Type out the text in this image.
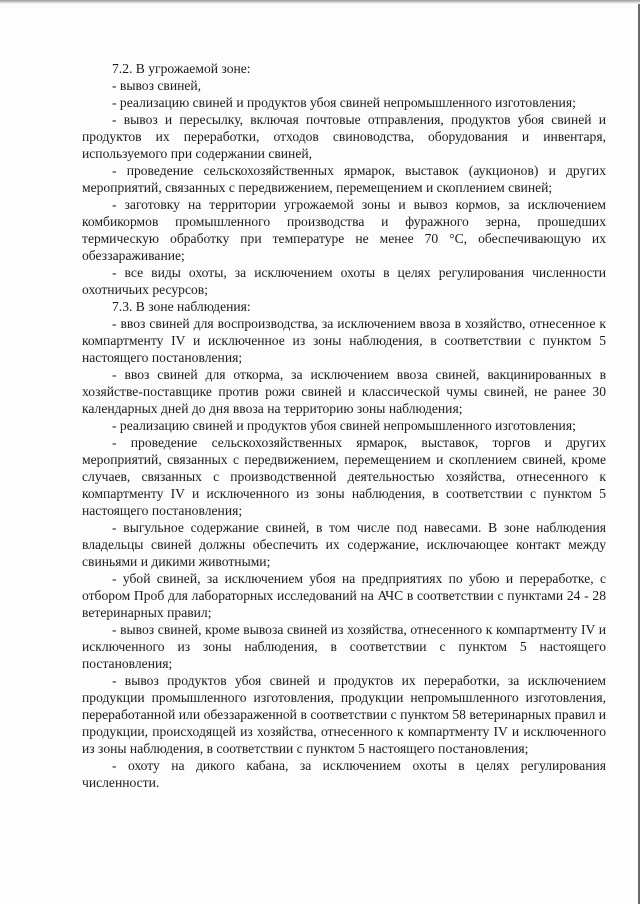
7.2. В угрожаемой зоне:

- вывоз свиней,

- реализацию свиней и продуктов убоя свиней непромышленного изготовления;

- вывоз и пересылку, включая почтовые отправления, продуктов убоя свиней и продуктов их переработки, отходов свиноводства, оборудования и инвентаря, используемого при содержании свиней,

- проведение сельскохозяйственных ярмарок, выставок (аукционов) и других мероприятий, связанных с передвижением, перемещением и скоплением свиней;

- заготовку на территории угрожаемой зоны и вывоз кормов, за исключением комбикормов промышленного производства и фуражного зерна, прошедших термическую обработку при температуре не менее 70 °С, обеспечивающую их обеззараживание;

- все виды охоты, за исключением охоты в целях регулирования численности охотничьих ресурсов;

7.3. В зоне наблюдения:

- ввоз свиней для воспроизводства, за исключением ввоза в хозяйство, отнесенное к компартменту IV и исключенное из зоны наблюдения, в соответствии с пунктом 5 настоящего постановления;

- ввоз свиней для откорма, за исключением ввоза свиней, вакцинированных в хозяйстве-поставщике против рожи свиней и классической чумы свиней, не ранее 30 календарных дней до дня ввоза на территорию зоны наблюдения;

- реализацию свиней и продуктов убоя свиней непромышленного изготовления;

- проведение сельскохозяйственных ярмарок, выставок, торгов и других мероприятий, связанных с передвижением, перемещением и скоплением свиней, кроме случаев, связанных с производственной деятельностью хозяйства, отнесенного к компартменту IV и исключенного из зоны наблюдения, в соответствии с пунктом 5 настоящего постановления;

- выгульное содержание свиней, в том числе под навесами. В зоне наблюдения владельцы свиней должны обеспечить их содержание, исключающее контакт между свиньями и дикими животными;

- убой свиней, за исключением убоя на предприятиях по убою и переработке, с отбором Проб для лабораторных исследований на АЧС в соответствии с пунктами 24 - 28 ветеринарных правил;

- вывоз свиней, кроме вывоза свиней из хозяйства, отнесенного к компартменту IV и исключенного из зоны наблюдения, в соответствии с пунктом 5 настоящего постановления;

- вывоз продуктов убоя свиней и продуктов их переработки, за исключением продукции промышленного изготовления, продукции непромышленного изготовления, переработанной или обеззараженной в соответствии с пунктом 58 ветеринарных правил и продукции, происходящей из хозяйства, отнесенного к компартменту IV и исключенного из зоны наблюдения, в соответствии с пунктом 5 настоящего постановления;

- охоту на дикого кабана, за исключением охоты в целях регулирования численности.
